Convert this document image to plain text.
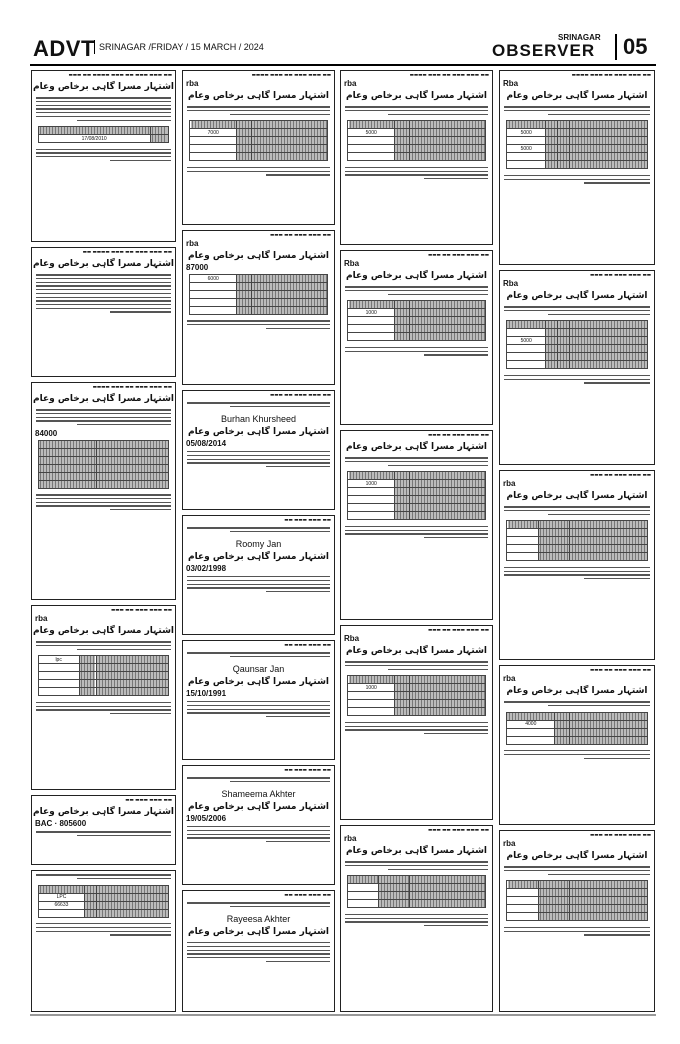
ADVT SRINAGAR /FRIDAY / 15 MARCH / 2024
SRINAGAR
OBSERVER	05
▬▬ ▬▬▬ ▬▬▬ ▬▬ ▬▬▬ ▬▬▬▬ ▬▬ ▬▬▬
اشتہار مسرا گاہی برخاص وعام

17/08/2010	
▬▬ ▬▬▬ ▬▬▬ ▬▬ ▬▬▬ ▬▬▬▬ ▬▬
اشتہار مسرا گاہی برخاص وعام
▬▬ ▬▬▬ ▬▬▬ ▬▬ ▬▬▬ ▬▬▬▬
اشتہار مسرا گاہی برخاص وعام
84000

▬▬ ▬▬▬ ▬▬▬ ▬▬ ▬▬▬
rba
اشتہار مسرا گاہی برخاص وعام
lpc		

▬▬ ▬▬▬ ▬▬▬ ▬▬
اشتہار مسرا گاہی برخاص وعام
BAC · 805600

LPC		
66633		

▬▬ ▬▬▬ ▬▬▬ ▬▬ ▬▬▬ ▬▬▬▬
rba
اشتہار مسرا گاہی برخاص وعام

7000		

▬▬ ▬▬▬ ▬▬▬ ▬▬ ▬▬▬
rba
اشتہار مسرا گاہی برخاص وعام
87000
6000		

▬▬ ▬▬▬ ▬▬▬ ▬▬ ▬▬▬
Burhan Khursheed
اشتہار مسرا گاہی برخاص وعام
05/08/2014
▬▬ ▬▬▬ ▬▬▬ ▬▬
Roomy Jan
اشتہار مسرا گاہی برخاص وعام
03/02/1998
▬▬ ▬▬▬ ▬▬▬ ▬▬
Qaunsar Jan
اشتہار مسرا گاہی برخاص وعام
15/10/1991
▬▬ ▬▬▬ ▬▬▬ ▬▬
Shameema Akhter
اشتہار مسرا گاہی برخاص وعام
19/05/2006
▬▬ ▬▬▬ ▬▬▬ ▬▬
Rayeesa Akhter
اشتہار مسرا گاہی برخاص وعام
▬▬ ▬▬▬ ▬▬▬ ▬▬ ▬▬▬ ▬▬▬▬
rba
اشتہار مسرا گاہی برخاص وعام

5000		

▬▬ ▬▬▬ ▬▬▬ ▬▬ ▬▬▬
Rba
اشتہار مسرا گاہی برخاص وعام

1000		

▬▬ ▬▬▬ ▬▬▬ ▬▬ ▬▬▬
اشتہار مسرا گاہی برخاص وعام

1000		

▬▬ ▬▬▬ ▬▬▬ ▬▬ ▬▬▬
Rba
اشتہار مسرا گاہی برخاص وعام

1000		

▬▬ ▬▬▬ ▬▬▬ ▬▬ ▬▬▬
rba
اشتہار مسرا گاہی برخاص وعام

▬▬ ▬▬▬ ▬▬▬ ▬▬ ▬▬▬ ▬▬▬▬
Rba
اشتہار مسرا گاہی برخاص وعام

5000			

5000			

▬▬ ▬▬▬ ▬▬▬ ▬▬ ▬▬▬
Rba
اشتہار مسرا گاہی برخاص وعام

5000			

▬▬ ▬▬▬ ▬▬▬ ▬▬ ▬▬▬
rba
اشتہار مسرا گاہی برخاص وعام

▬▬ ▬▬▬ ▬▬▬ ▬▬ ▬▬▬
rba
اشتہار مسرا گاہی برخاص وعام

4000		

▬▬ ▬▬▬ ▬▬▬ ▬▬ ▬▬▬
rba
اشتہار مسرا گاہی برخاص وعام
